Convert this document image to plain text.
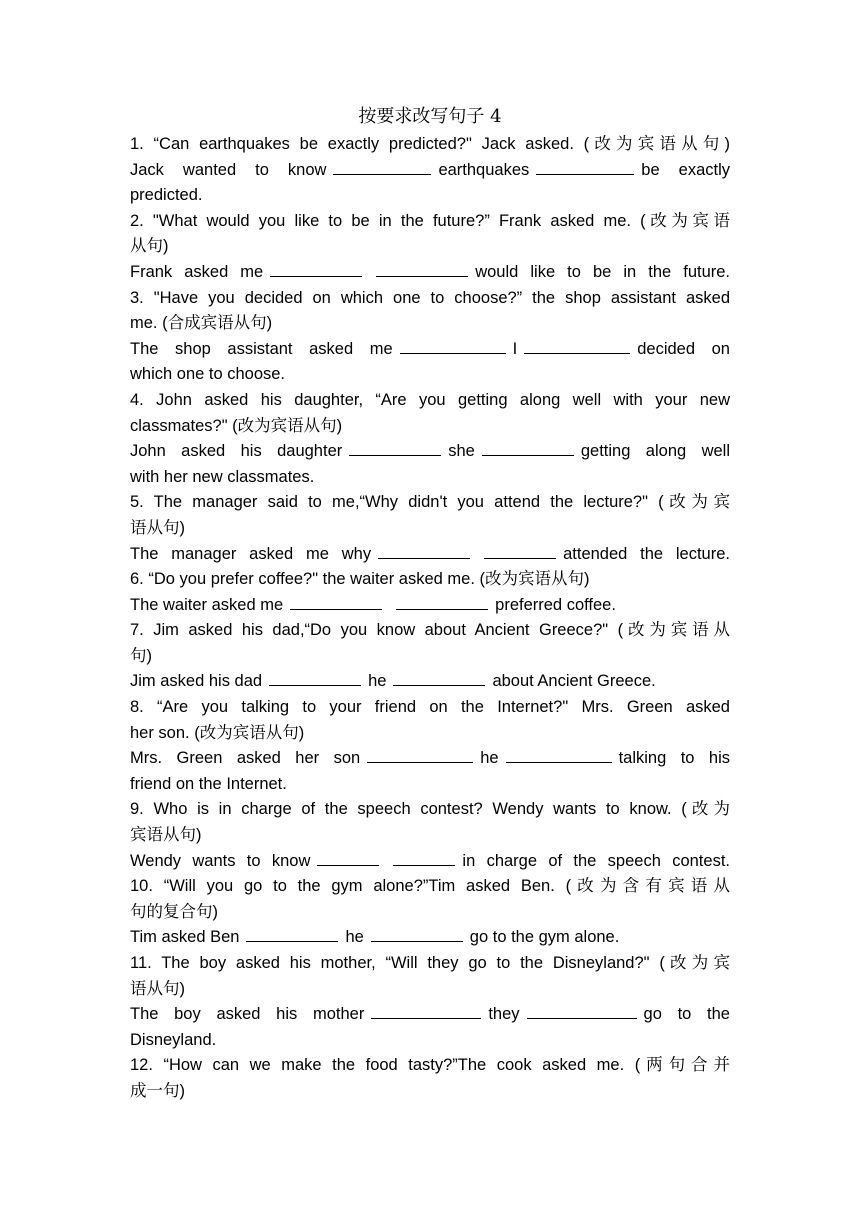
按要求改写句子 4
1. “Can earthquakes be exactly predicted?" Jack asked. (改为宾语从句)
Jack wanted to know	earthquakes	be exactly
predicted.
2. "What would you like to be in the future?” Frank asked me. (改为宾语
从句)
Frank asked me	would like to be in the future.
3. "Have you decided on which one to choose?” the shop assistant asked
me. (合成宾语从句)
The shop assistant asked me	I	decided on
which one to choose.
4. John asked his daughter, “Are you getting along well with your new
classmates?" (改为宾语从句)
John asked his daughter	she	getting along well
with her new classmates.
5. The manager said to me,“Why didn't you attend the lecture?" (改为宾
语从句)
The manager asked me why	attended the lecture.
6. “Do you prefer coffee?" the waiter asked me. (改为宾语从句)
The waiter asked me	preferred coffee.
7. Jim asked his dad,“Do you know about Ancient Greece?" (改为宾语从
句)
Jim asked his dad	he	about Ancient Greece.
8. “Are you talking to your friend on the Internet?" Mrs. Green asked
her son. (改为宾语从句)
Mrs. Green asked her son	he	talking to his
friend on the Internet.
9. Who is in charge of the speech contest? Wendy wants to know. (改为
宾语从句)
Wendy wants to know	in charge of the speech contest.
10. “Will you go to the gym alone?”Tim asked Ben. (改为含有宾语从
句的复合句)
Tim asked Ben	he	go to the gym alone.
11. The boy asked his mother, “Will they go to the Disneyland?" (改为宾
语从句)
The boy asked his mother	they	go to the
Disneyland.
12. “How can we make the food tasty?”The cook asked me. (两句合并
成一句)
